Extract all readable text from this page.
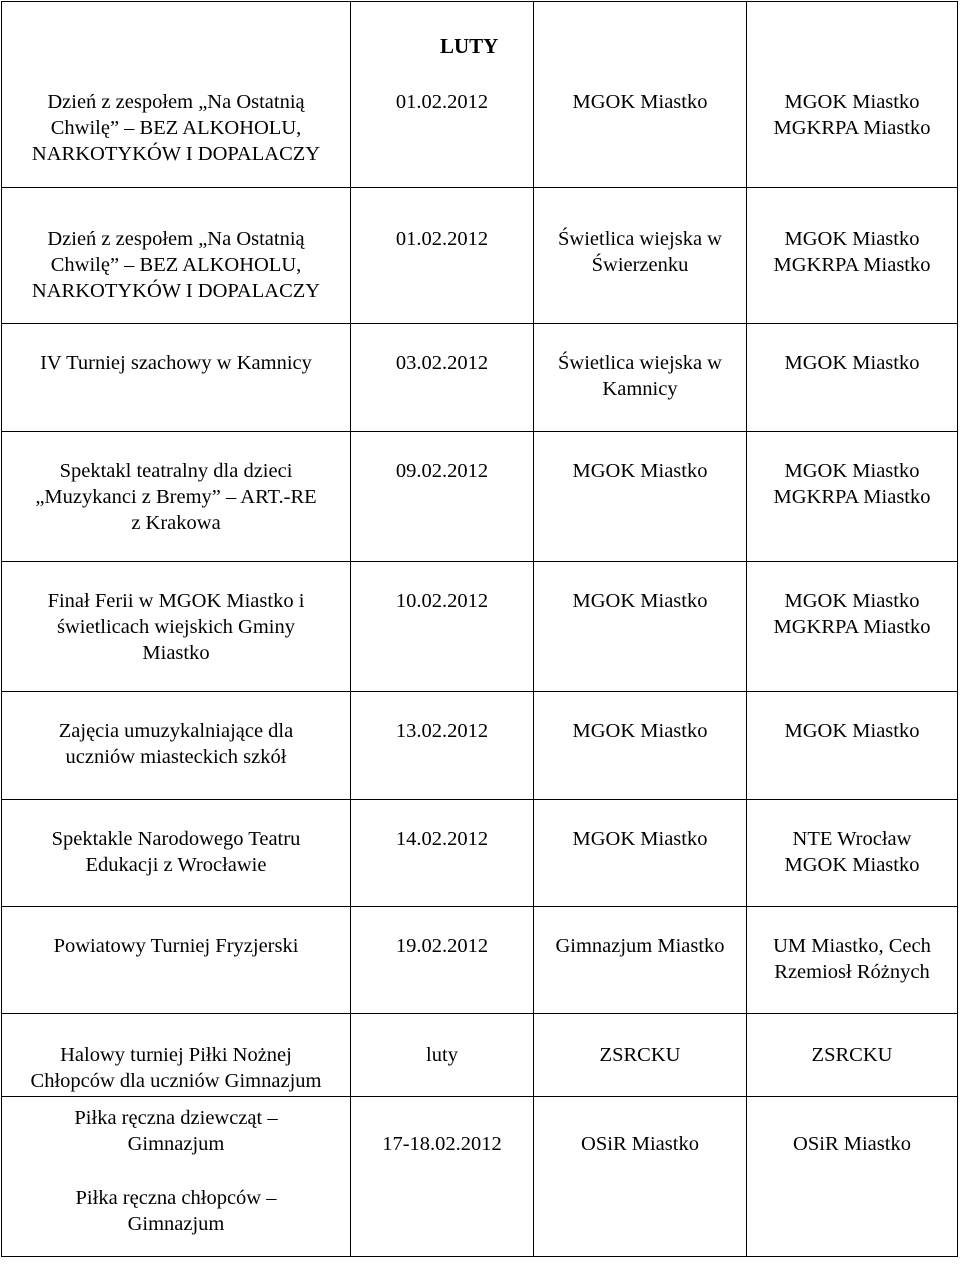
	LUTY		

Dzień z zespołem „Na Ostatnią
Chwilę” – BEZ ALKOHOLU,
NARKOTYKÓW I DOPALACZY	01.02.2012	MGOK Miastko	MGOK Miastko
MGKRPA Miastko

Dzień z zespołem „Na Ostatnią
Chwilę” – BEZ ALKOHOLU,
NARKOTYKÓW I DOPALACZY	01.02.2012	Świetlica wiejska w
Świerzenku	MGOK Miastko
MGKRPA Miastko

IV Turniej szachowy w Kamnicy	03.02.2012	Świetlica wiejska w
Kamnicy	MGOK Miastko

Spektakl teatralny dla dzieci
„Muzykanci z Bremy” – ART.-RE
z Krakowa	09.02.2012	MGOK Miastko	MGOK Miastko
MGKRPA Miastko

Finał Ferii w MGOK Miastko i
świetlicach wiejskich Gminy
Miastko	10.02.2012	MGOK Miastko	MGOK Miastko
MGKRPA Miastko

Zajęcia umuzykalniające dla
uczniów miasteckich szkół	13.02.2012	MGOK Miastko	MGOK Miastko

Spektakle Narodowego Teatru
Edukacji z Wrocławie	14.02.2012	MGOK Miastko	NTE Wrocław
MGOK Miastko

Powiatowy Turniej Fryzjerski	19.02.2012	Gimnazjum Miastko	UM Miastko, Cech
Rzemiosł Różnych

Halowy turniej Piłki Nożnej
Chłopców dla uczniów Gimnazjum	luty	ZSRCKU	ZSRCKU

Piłka ręczna dziewcząt –
Gimnazjum
Piłka ręczna chłopców –
Gimnazjum	17-18.02.2012	OSiR Miastko	OSiR Miastko
